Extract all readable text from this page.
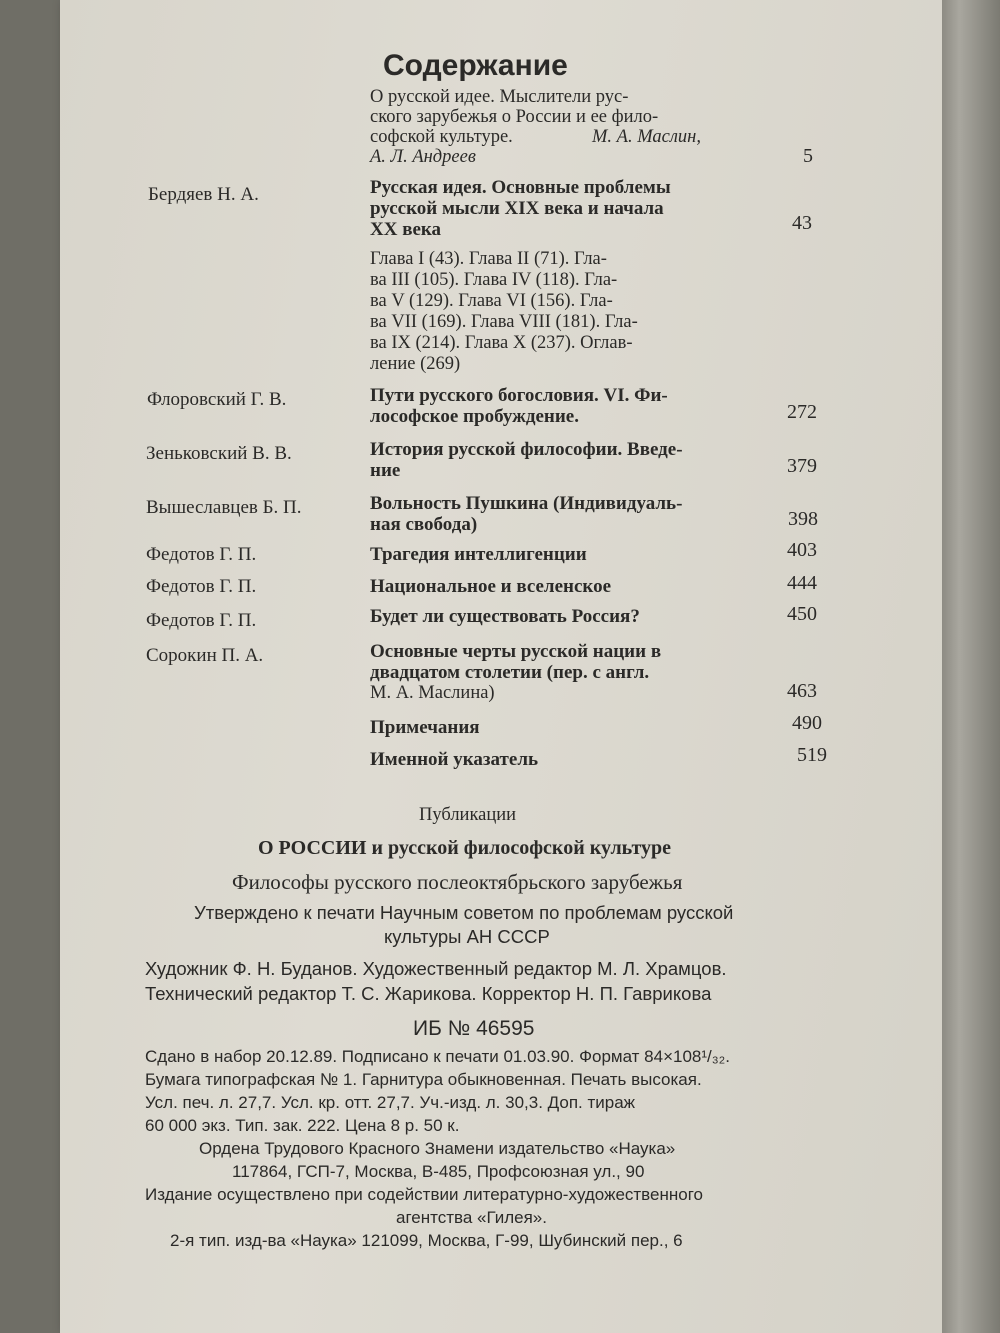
Содержание
О русской идее. Мыслители рус-
ского зарубежья о России и ее фило-
софской культуре.	М. А. Маслин,
А. Л. Андреев	5
Бердяев Н. А.	Русская идея. Основные проблемы
русской мысли XIX века и начала
XX века	43
Глава I (43). Глава II (71). Гла-
ва III (105). Глава IV (118). Гла-
ва V (129). Глава VI (156). Гла-
ва VII (169). Глава VIII (181). Гла-
ва IX (214). Глава X (237). Оглав-
ление (269)
Флоровский Г. В.	Пути русского богословия. VI. Фи-
лософское пробуждение.	272
Зеньковский В. В.	История русской философии. Введе-
ние	379
Вышеславцев Б. П.	Вольность Пушкина (Индивидуаль-
ная свобода)	398
Федотов Г. П.	Трагедия интеллигенции	403
Федотов Г. П.	Национальное и вселенское	444
Федотов Г. П.	Будет ли существовать Россия?	450
Сорокин П. А.	Основные черты русской нации в
двадцатом столетии (пер. с англ.
М. А. Маслина)	463
Примечания	490
Именной указатель	519
Публикации
О РОССИИ и русской философской культуре
Философы русского послеоктябрьского зарубежья
Утверждено к печати Научным советом по проблемам русской
культуры АН СССР
Художник Ф. Н. Буданов. Художественный редактор М. Л. Храмцов.
Технический редактор Т. С. Жарикова. Корректор Н. П. Гаврикова
ИБ № 46595
Сдано в набор 20.12.89. Подписано к печати 01.03.90. Формат 84×108¹/₃₂.
Бумага типографская № 1. Гарнитура обыкновенная. Печать высокая.
Усл. печ. л. 27,7. Усл. кр. отт. 27,7. Уч.-изд. л. 30,3. Доп. тираж
60 000 экз. Тип. зак. 222. Цена 8 р. 50 к.
Ордена Трудового Красного Знамени издательство «Наука»
117864, ГСП-7, Москва, В-485, Профсоюзная ул., 90
Издание осуществлено при содействии литературно-художественного
агентства «Гилея».
2-я тип. изд-ва «Наука» 121099, Москва, Г-99, Шубинский пер., 6
